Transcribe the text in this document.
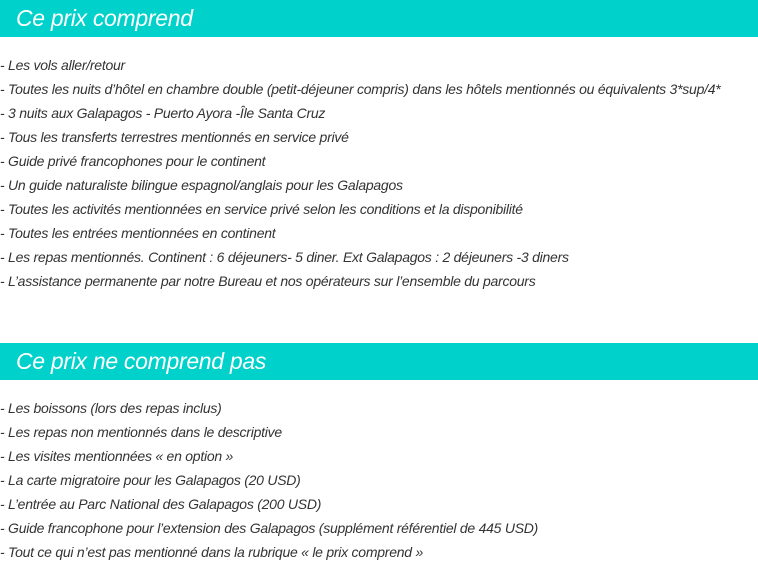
Ce prix comprend
- Les vols aller/retour
- Toutes les nuits d’hôtel en chambre double (petit-déjeuner compris) dans les hôtels mentionnés ou équivalents 3*sup/4*
- 3 nuits aux Galapagos - Puerto Ayora -Île Santa Cruz
- Tous les transferts terrestres mentionnés en service privé
- Guide privé francophones pour le continent
- Un guide naturaliste bilingue espagnol/anglais pour les Galapagos
- Toutes les activités mentionnées en service privé selon les conditions et la disponibilité
- Toutes les entrées mentionnées en continent
- Les repas mentionnés. Continent : 6 déjeuners- 5 diner. Ext Galapagos : 2 déjeuners -3 diners
- L’assistance permanente par notre Bureau et nos opérateurs sur l’ensemble du parcours
Ce prix ne comprend pas
- Les boissons (lors des repas inclus)
- Les repas non mentionnés dans le descriptive
- Les visites mentionnées « en option »
- La carte migratoire pour les Galapagos (20 USD)
- L’entrée au Parc National des Galapagos (200 USD)
- Guide francophone pour l’extension des Galapagos (supplément référentiel de 445 USD)
- Tout ce qui n’est pas mentionné dans la rubrique « le prix comprend »
